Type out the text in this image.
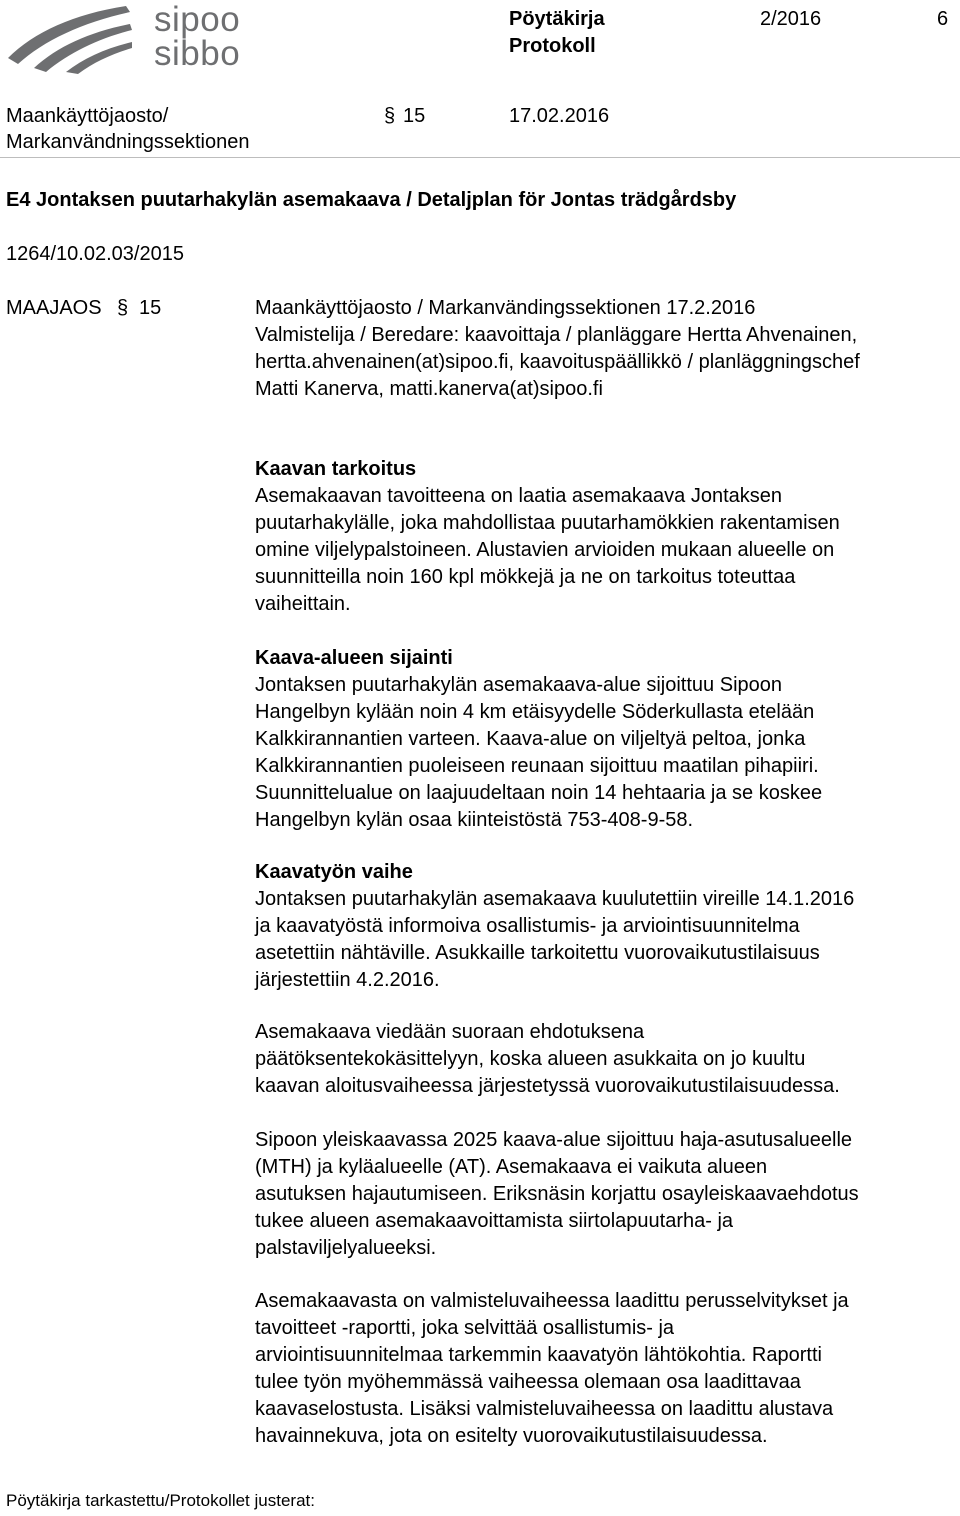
sipoo
sibbo
Pöytäkirja
Protokoll
2/2016	6
Maankäyttöjaosto/
Markanvändningssektionen
§ 15	17.02.2016
E4 Jontaksen puutarhakylän asemakaava / Detaljplan för Jontas trädgårdsby
1264/10.02.03/2015
MAAJAOS § 15	Maankäyttöjaosto / Markanvändingssektionen 17.2.2016

Valmistelija / Beredare: kaavoittaja / planläggare Hertta Ahvenainen,

hertta.ahvenainen(at)sipoo.fi, kaavoituspäällikkö / planläggningschef

Matti Kanerva, matti.kanerva(at)sipoo.fi

Kaavan tarkoitus

Asemakaavan tavoitteena on laatia asemakaava Jontaksen

puutarhakylälle, joka mahdollistaa puutarhamökkien rakentamisen

omine viljelypalstoineen. Alustavien arvioiden mukaan alueelle on

suunnitteilla noin 160 kpl mökkejä ja ne on tarkoitus toteuttaa

vaiheittain.

Kaava-alueen sijainti

Jontaksen puutarhakylän asemakaava-alue sijoittuu Sipoon

Hangelbyn kylään noin 4 km etäisyydelle Söderkullasta etelään

Kalkkirannantien varteen. Kaava-alue on viljeltyä peltoa, jonka

Kalkkirannantien puoleiseen reunaan sijoittuu maatilan pihapiiri.

Suunnittelualue on laajuudeltaan noin 14 hehtaaria ja se koskee

Hangelbyn kylän osaa kiinteistöstä 753-408-9-58.

Kaavatyön vaihe

Jontaksen puutarhakylän asemakaava kuulutettiin vireille 14.1.2016

ja kaavatyöstä informoiva osallistumis- ja arviointisuunnitelma

asetettiin nähtäville. Asukkaille tarkoitettu vuorovaikutustilaisuus

järjestettiin 4.2.2016.

Asemakaava viedään suoraan ehdotuksena

päätöksentekokäsittelyyn, koska alueen asukkaita on jo kuultu

kaavan aloitusvaiheessa järjestetyssä vuorovaikutustilaisuudessa.

Sipoon yleiskaavassa 2025 kaava-alue sijoittuu haja-asutusalueelle

(MTH) ja kyläalueelle (AT). Asemakaava ei vaikuta alueen

asutuksen hajautumiseen. Eriksnäsin korjattu osayleiskaavaehdotus

tukee alueen asemakaavoittamista siirtolapuutarha- ja

palstaviljelyalueeksi.

Asemakaavasta on valmisteluvaiheessa laadittu perusselvitykset ja

tavoitteet -raportti, joka selvittää osallistumis- ja

arviointisuunnitelmaa tarkemmin kaavatyön lähtökohtia. Raportti

tulee työn myöhemmässä vaiheessa olemaan osa laadittavaa

kaavaselostusta. Lisäksi valmisteluvaiheessa on laadittu alustava

havainnekuva, jota on esitelty vuorovaikutustilaisuudessa.

Pöytäkirja tarkastettu/Protokollet justerat:
